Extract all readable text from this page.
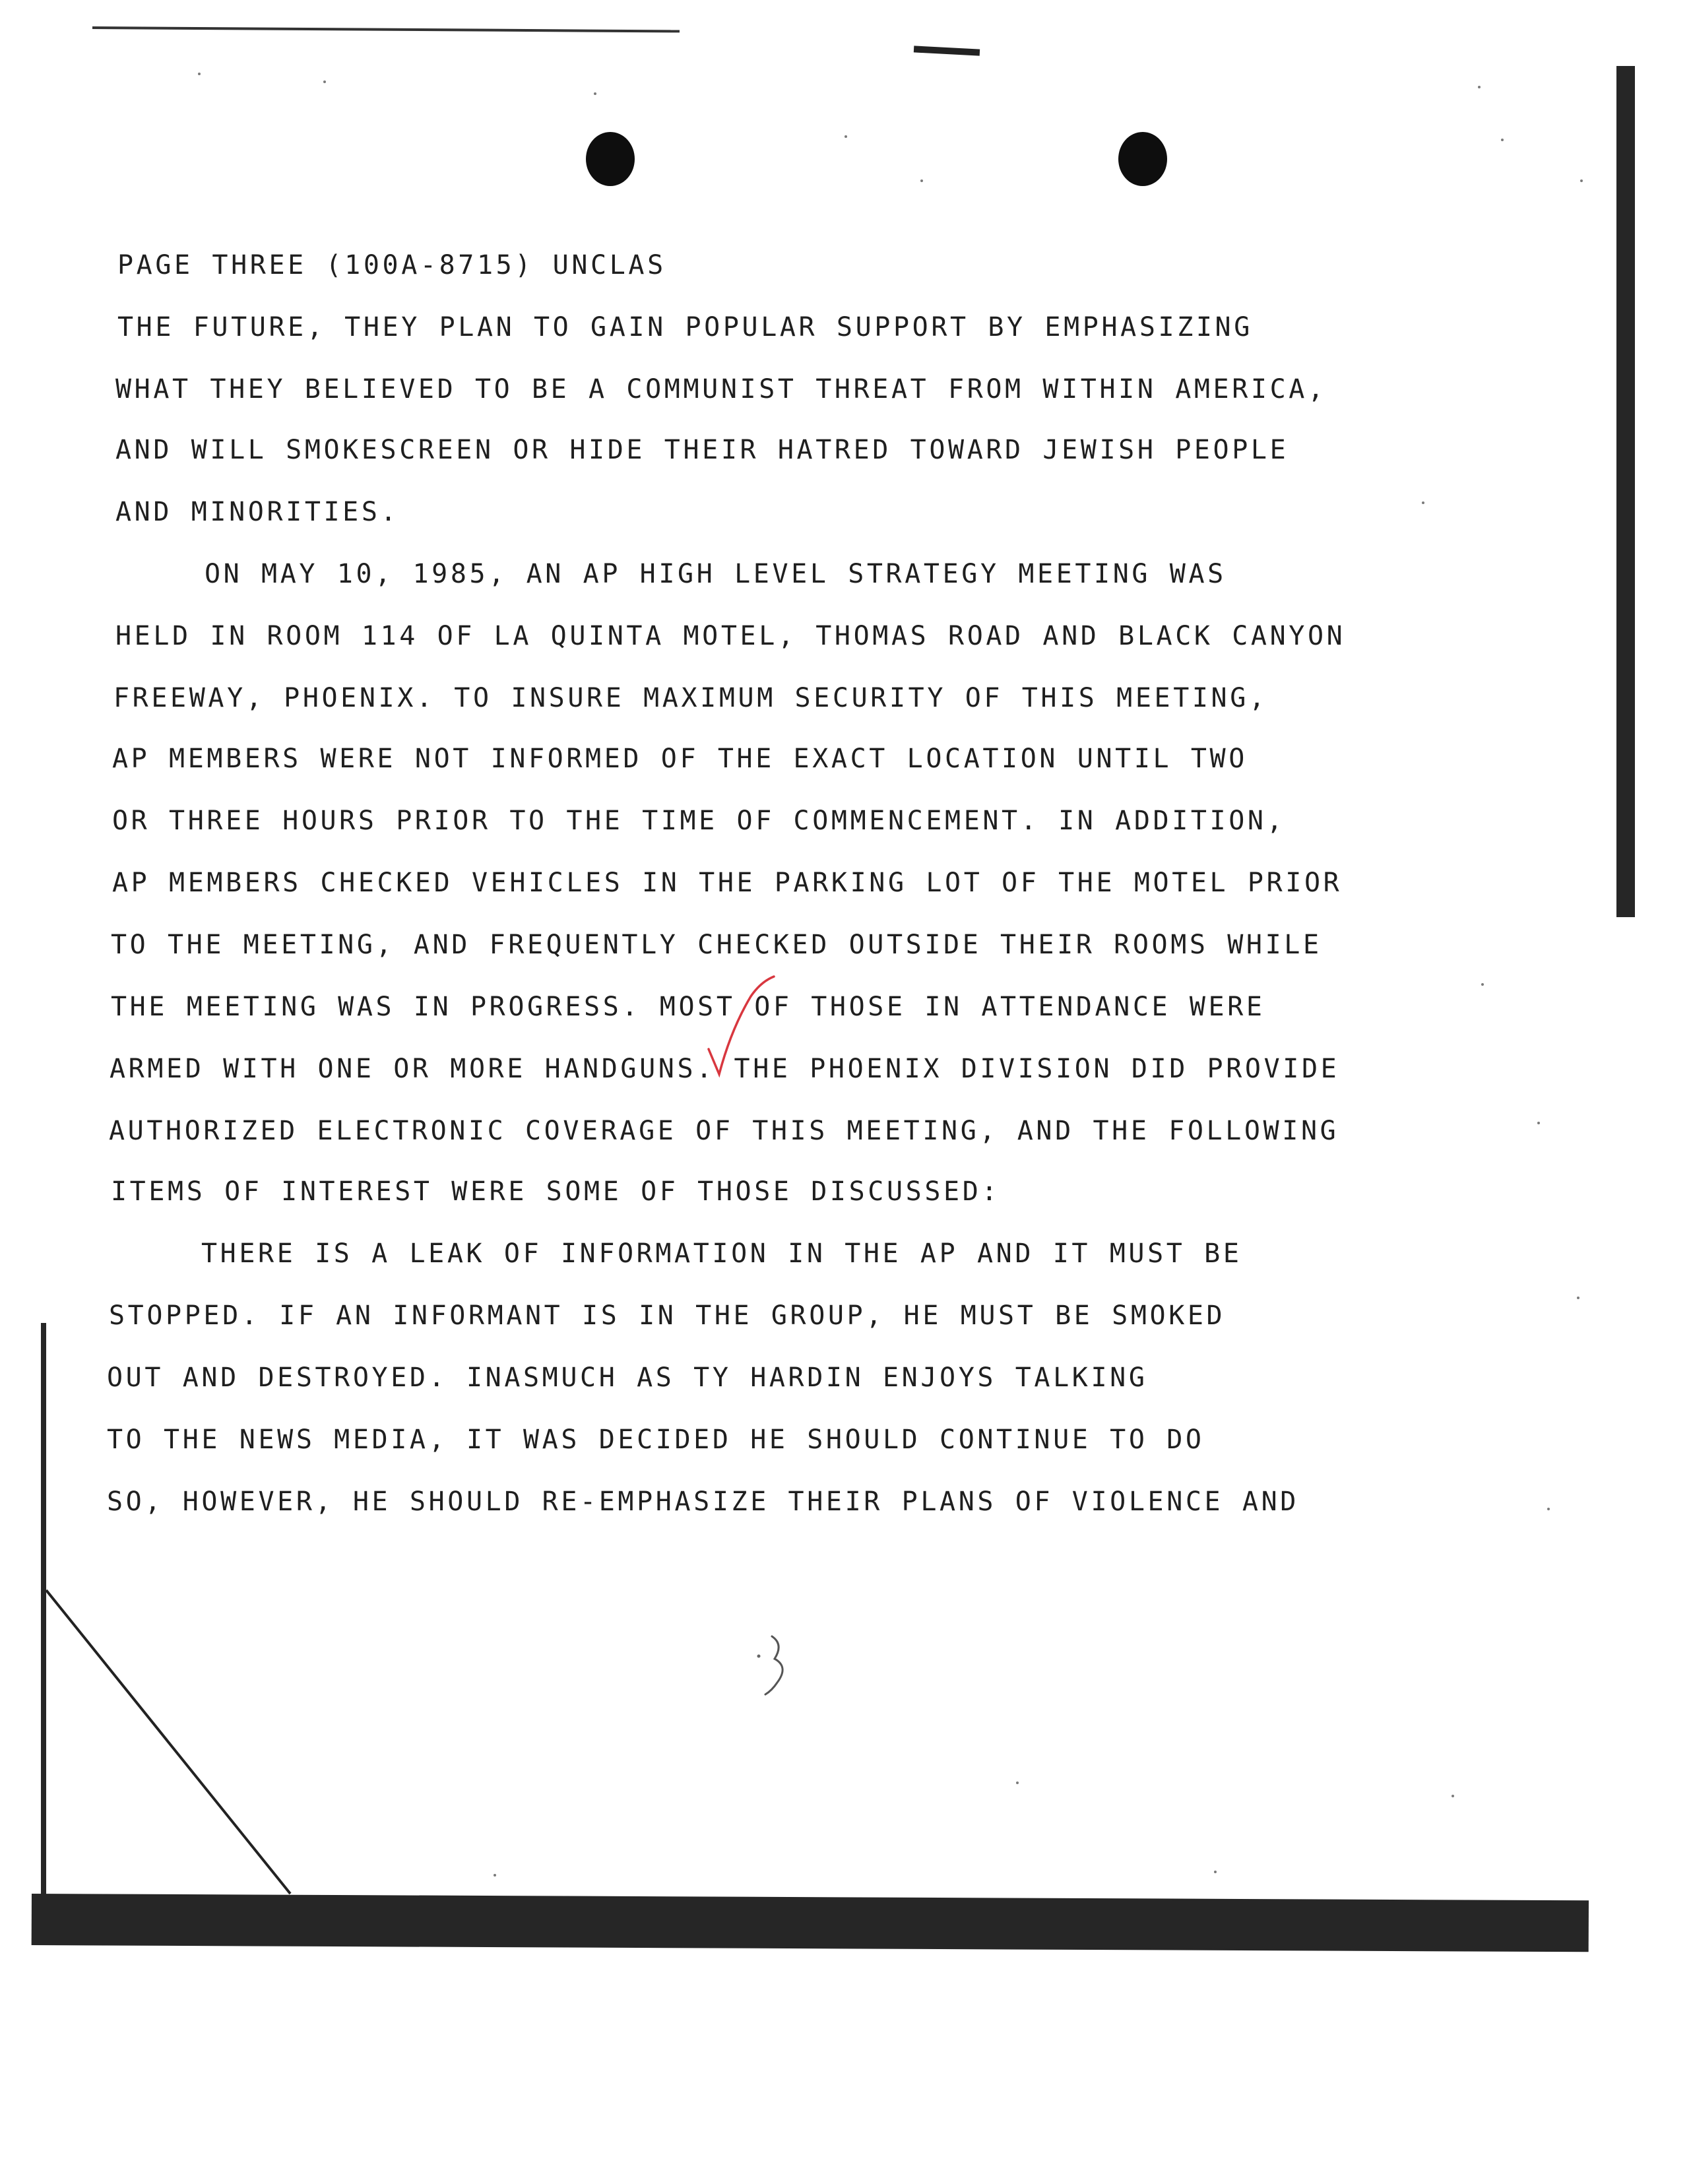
PAGE THREE (100A-8715) UNCLAS
THE FUTURE, THEY PLAN TO GAIN POPULAR SUPPORT BY EMPHASIZING
WHAT THEY BELIEVED TO BE A COMMUNIST THREAT FROM WITHIN AMERICA,
AND WILL SMOKESCREEN OR HIDE THEIR HATRED TOWARD JEWISH PEOPLE
AND MINORITIES.
ON MAY 10, 1985, AN AP HIGH LEVEL STRATEGY MEETING WAS
HELD IN ROOM 114 OF LA QUINTA MOTEL, THOMAS ROAD AND BLACK CANYON
FREEWAY, PHOENIX. TO INSURE MAXIMUM SECURITY OF THIS MEETING,
AP MEMBERS WERE NOT INFORMED OF THE EXACT LOCATION UNTIL TWO
OR THREE HOURS PRIOR TO THE TIME OF COMMENCEMENT. IN ADDITION,
AP MEMBERS CHECKED VEHICLES IN THE PARKING LOT OF THE MOTEL PRIOR
TO THE MEETING, AND FREQUENTLY CHECKED OUTSIDE THEIR ROOMS WHILE
THE MEETING WAS IN PROGRESS. MOST OF THOSE IN ATTENDANCE WERE
ARMED WITH ONE OR MORE HANDGUNS. THE PHOENIX DIVISION DID PROVIDE
AUTHORIZED ELECTRONIC COVERAGE OF THIS MEETING, AND THE FOLLOWING
ITEMS OF INTEREST WERE SOME OF THOSE DISCUSSED:
THERE IS A LEAK OF INFORMATION IN THE AP AND IT MUST BE
STOPPED. IF AN INFORMANT IS IN THE GROUP, HE MUST BE SMOKED
OUT AND DESTROYED. INASMUCH AS TY HARDIN ENJOYS TALKING
TO THE NEWS MEDIA, IT WAS DECIDED HE SHOULD CONTINUE TO DO
SO, HOWEVER, HE SHOULD RE-EMPHASIZE THEIR PLANS OF VIOLENCE AND
